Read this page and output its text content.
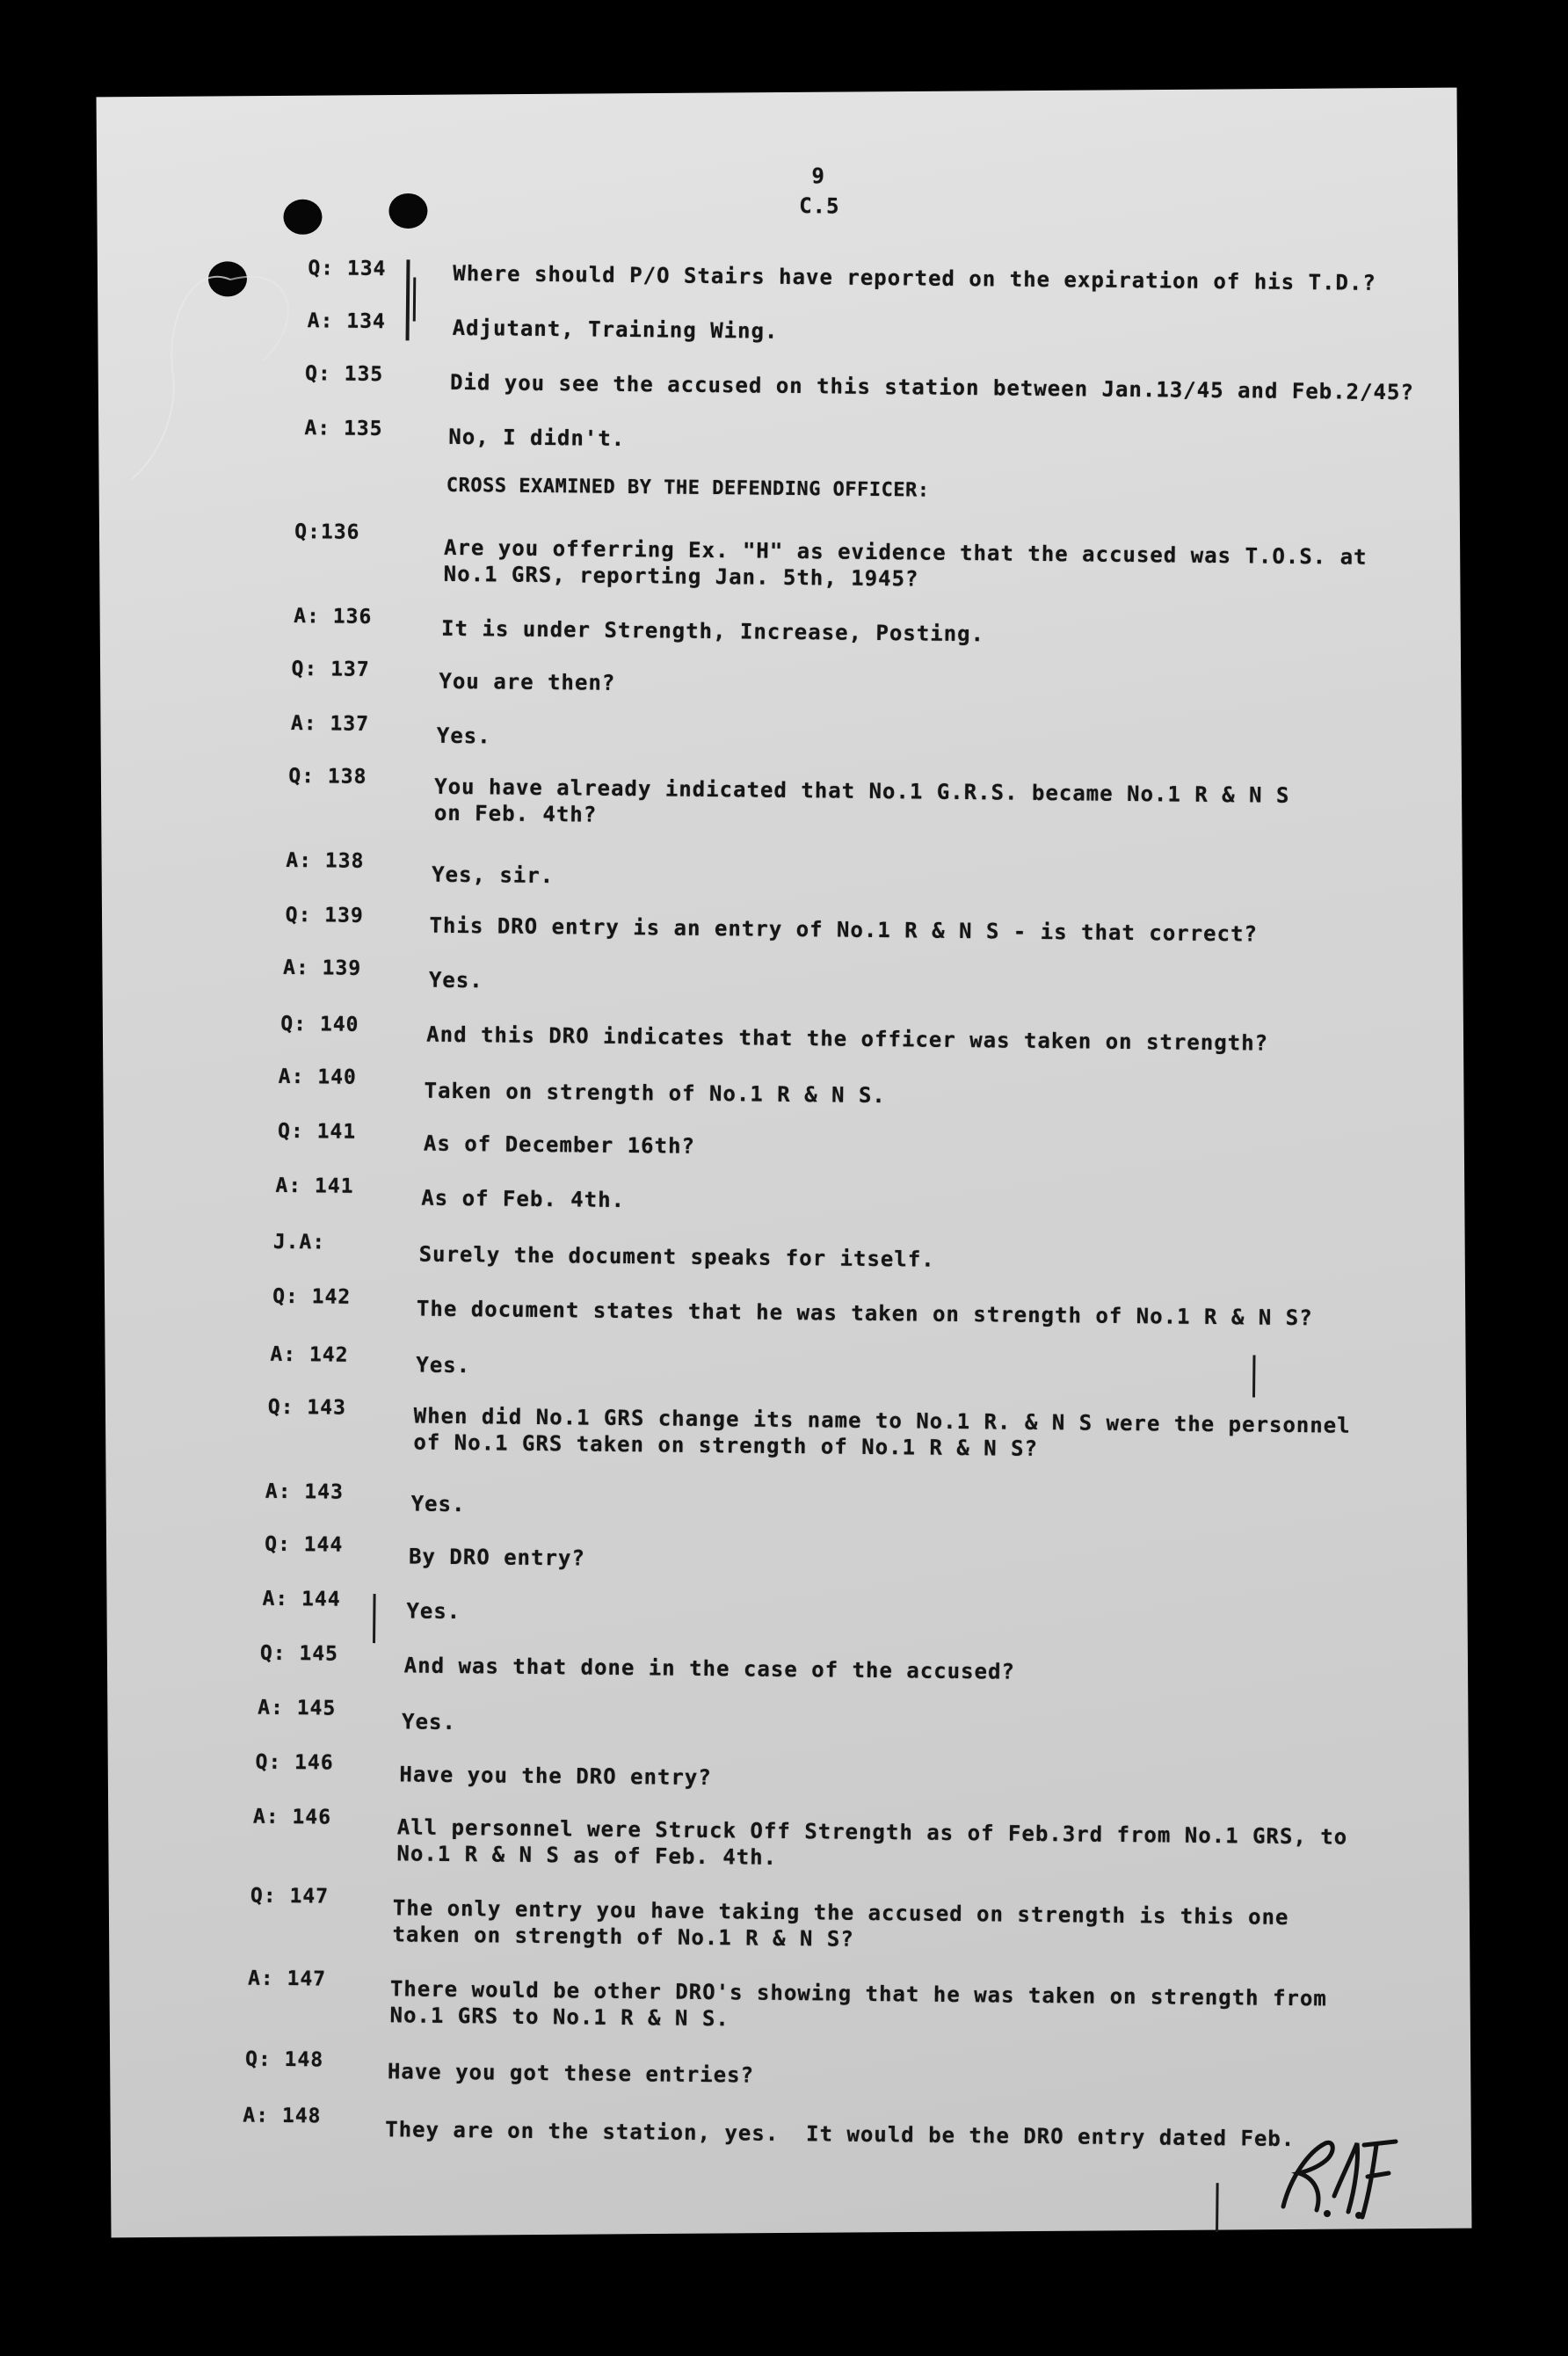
9
C.5
Q: 134	Where should P/O Stairs have reported on the expiration of his T.D.?
A: 134	Adjutant, Training Wing.
Q: 135	Did you see the accused on this station between Jan.13/45 and Feb.2/45?
A: 135	No, I didn't.
CROSS EXAMINED BY THE DEFENDING OFFICER:
Q:136
Are you offerring Ex. "H" as evidence that the accused was T.O.S. at
No.1 GRS, reporting Jan. 5th, 1945?
A: 136	It is under Strength, Increase, Posting.
Q: 137	You are then?
A: 137	Yes.
Q: 138	You have already indicated that No.1 G.R.S. became No.1 R & N S
on Feb. 4th?
A: 138
Yes, sir.
Q: 139	This DRO entry is an entry of No.1 R & N S - is that correct?
A: 139	Yes.
Q: 140	And this DRO indicates that the officer was taken on strength?
A: 140
Taken on strength of No.1 R & N S.
Q: 141	As of December 16th?
A: 141	As of Feb. 4th.
J.A:	Surely the document speaks for itself.
Q: 142	The document states that he was taken on strength of No.1 R & N S?
A: 142	Yes.
Q: 143	When did No.1 GRS change its name to No.1 R. & N S were the personnel
of No.1 GRS taken on strength of No.1 R & N S?
A: 143	Yes.
Q: 144	By DRO entry?
A: 144	Yes.
Q: 145	And was that done in the case of the accused?
A: 145
Yes.
Q: 146	Have you the DRO entry?
A: 146	All personnel were Struck Off Strength as of Feb.3rd from No.1 GRS, to
No.1 R & N S as of Feb. 4th.
Q: 147	The only entry you have taking the accused on strength is this one
taken on strength of No.1 R & N S?
A: 147	There would be other DRO's showing that he was taken on strength from
No.1 GRS to No.1 R & N S.
Q: 148	Have you got these entries?
A: 148
They are on the station, yes.  It would be the DRO entry dated Feb.
